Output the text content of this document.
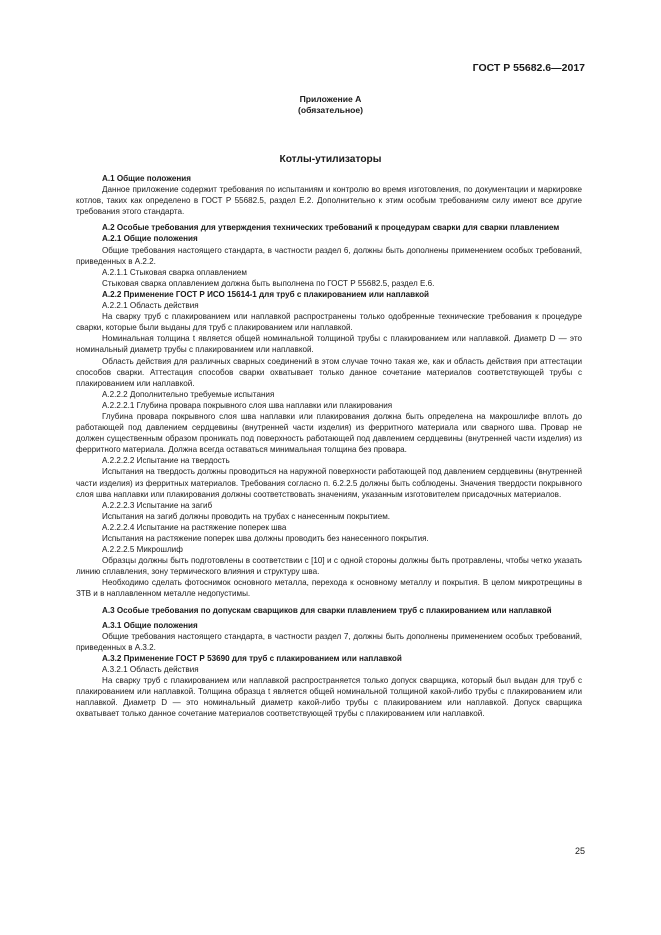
ГОСТ Р 55682.6—2017
Приложение А
(обязательное)
Котлы-утилизаторы

А.1 Общие положения

Данное приложение содержит требования по испытаниям и контролю во время изготовления, по документации и маркировке котлов, таких как определено в ГОСТ Р 55682.5, раздел Е.2. Дополнительно к этим особым требованиям силу имеют все другие требования этого стандарта.

А.2 Особые требования для утверждения технических требований к процедурам сварки для сварки плавлением

А.2.1 Общие положения

Общие требования настоящего стандарта, в частности раздел 6, должны быть дополнены применением особых требований, приведенных в А.2.2.

А.2.1.1 Стыковая сварка оплавлением

Стыковая сварка оплавлением должна быть выполнена по ГОСТ Р 55682.5, раздел Е.6.

А.2.2 Применение ГОСТ Р ИСО 15614-1 для труб с плакированием или наплавкой

А.2.2.1 Область действия

На сварку труб с плакированием или наплавкой распространены только одобренные технические требования к процедуре сварки, которые были выданы для труб с плакированием или наплавкой.

Номинальная толщина t является общей номинальной толщиной трубы с плакированием или наплавкой. Диаметр D — это номинальный диаметр трубы с плакированием или наплавкой.

Область действия для различных сварных соединений в этом случае точно такая же, как и область действия при аттестации способов сварки. Аттестация способов сварки охватывает только данное сочетание материалов соответствующей трубы с плакированием или наплавкой.

А.2.2.2 Дополнительно требуемые испытания

А.2.2.2.1 Глубина провара покрывного слоя шва наплавки или плакирования

Глубина провара покрывного слоя шва наплавки или плакирования должна быть определена на макрошлифе вплоть до работающей под давлением сердцевины (внутренней части изделия) из ферритного материала или сварного шва. Провар не должен существенным образом проникать под поверхность работающей под давлением сердцевины (внутренней части изделия) из ферритного материала. Должна всегда оставаться минимальная толщина без провара.

А.2.2.2.2 Испытание на твердость

Испытания на твердость должны проводиться на наружной поверхности работающей под давлением сердцевины (внутренней части изделия) из ферритных материалов. Требования согласно п. 6.2.2.5 должны быть соблюдены. Значения твердости покрывного слоя шва наплавки или плакирования должны соответствовать значениям, указанным изготовителем присадочных материалов.

А.2.2.2.3 Испытание на загиб

Испытания на загиб должны проводить на трубах с нанесенным покрытием.

А.2.2.2.4 Испытание на растяжение поперек шва

Испытания на растяжение поперек шва должны проводить без нанесенного покрытия.

А.2.2.2.5 Микрошлиф

Образцы должны быть подготовлены в соответствии с [10] и с одной стороны должны быть протравлены, чтобы четко указать линию сплавления, зону термического влияния и структуру шва.

Необходимо сделать фотоснимок основного металла, перехода к основному металлу и покрытия. В целом микротрещины в ЗТВ и в наплавленном металле недопустимы.

А.3 Особые требования по допускам сварщиков для сварки плавлением труб с плакированием или наплавкой

А.3.1 Общие положения

Общие требования настоящего стандарта, в частности раздел 7, должны быть дополнены применением особых требований, приведенных в А.3.2.

А.3.2 Применение ГОСТ Р 53690 для труб с плакированием или наплавкой

А.3.2.1 Область действия

На сварку труб с плакированием или наплавкой распространяется только допуск сварщика, который был выдан для труб с плакированием или наплавкой. Толщина образца t является общей номинальной толщиной какой-либо трубы с плакированием или наплавкой. Диаметр D — это номинальный диаметр какой-либо трубы с плакированием или наплавкой. Допуск сварщика охватывает только данное сочетание материалов соответствующей трубы с плакированием или наплавкой.

25
